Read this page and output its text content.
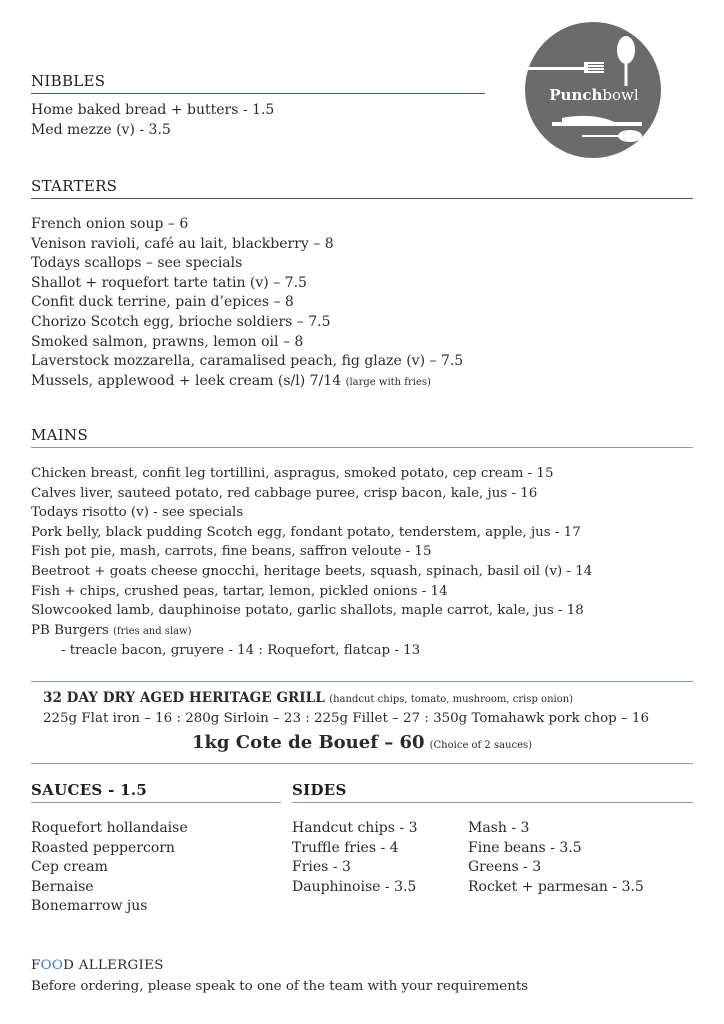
Punchbowl
NIBBLES
Home baked bread + butters - 1.5
Med mezze (v) - 3.5
STARTERS
French onion soup – 6
Venison ravioli, café au lait, blackberry – 8
Todays scallops – see specials
Shallot + roquefort tarte tatin (v) – 7.5
Confit duck terrine, pain d’epices – 8
Chorizo Scotch egg, brioche soldiers – 7.5
Smoked salmon, prawns, lemon oil – 8
Laverstock mozzarella, caramalised peach, fig glaze (v) – 7.5
Mussels, applewood + leek cream (s/l) 7/14 (large with fries)
MAINS
Chicken breast, confit leg tortillini, aspragus, smoked potato, cep cream - 15
Calves liver, sauteed potato, red cabbage puree, crisp bacon, kale, jus - 16
Todays risotto (v) - see specials
Pork belly, black pudding Scotch egg, fondant potato, tenderstem, apple, jus - 17
Fish pot pie, mash, carrots, fine beans, saffron veloute - 15
Beetroot + goats cheese gnocchi, heritage beets, squash, spinach, basil oil (v) - 14
Fish + chips, crushed peas, tartar, lemon, pickled onions - 14
Slowcooked lamb, dauphinoise potato, garlic shallots, maple carrot, kale, jus - 18
PB Burgers (fries and slaw)
- treacle bacon, gruyere - 14 : Roquefort, flatcap - 13
32 DAY DRY AGED HERITAGE GRILL (handcut chips, tomato, mushroom, crisp onion)
225g Flat iron – 16 : 280g Sirloin – 23 : 225g Fillet – 27 : 350g Tomahawk pork chop – 16
1kg Cote de Bouef – 60 (Choice of 2 sauces)
SAUCES - 1.5
Roquefort hollandaise
Roasted peppercorn
Cep cream
Bernaise
Bonemarrow jus
SIDES
Handcut chips - 3
Truffle fries - 4
Fries - 3
Dauphinoise - 3.5
Mash - 3
Fine beans - 3.5
Greens - 3
Rocket + parmesan - 3.5
FOOD ALLERGIES
Before ordering, please speak to one of the team with your requirements
